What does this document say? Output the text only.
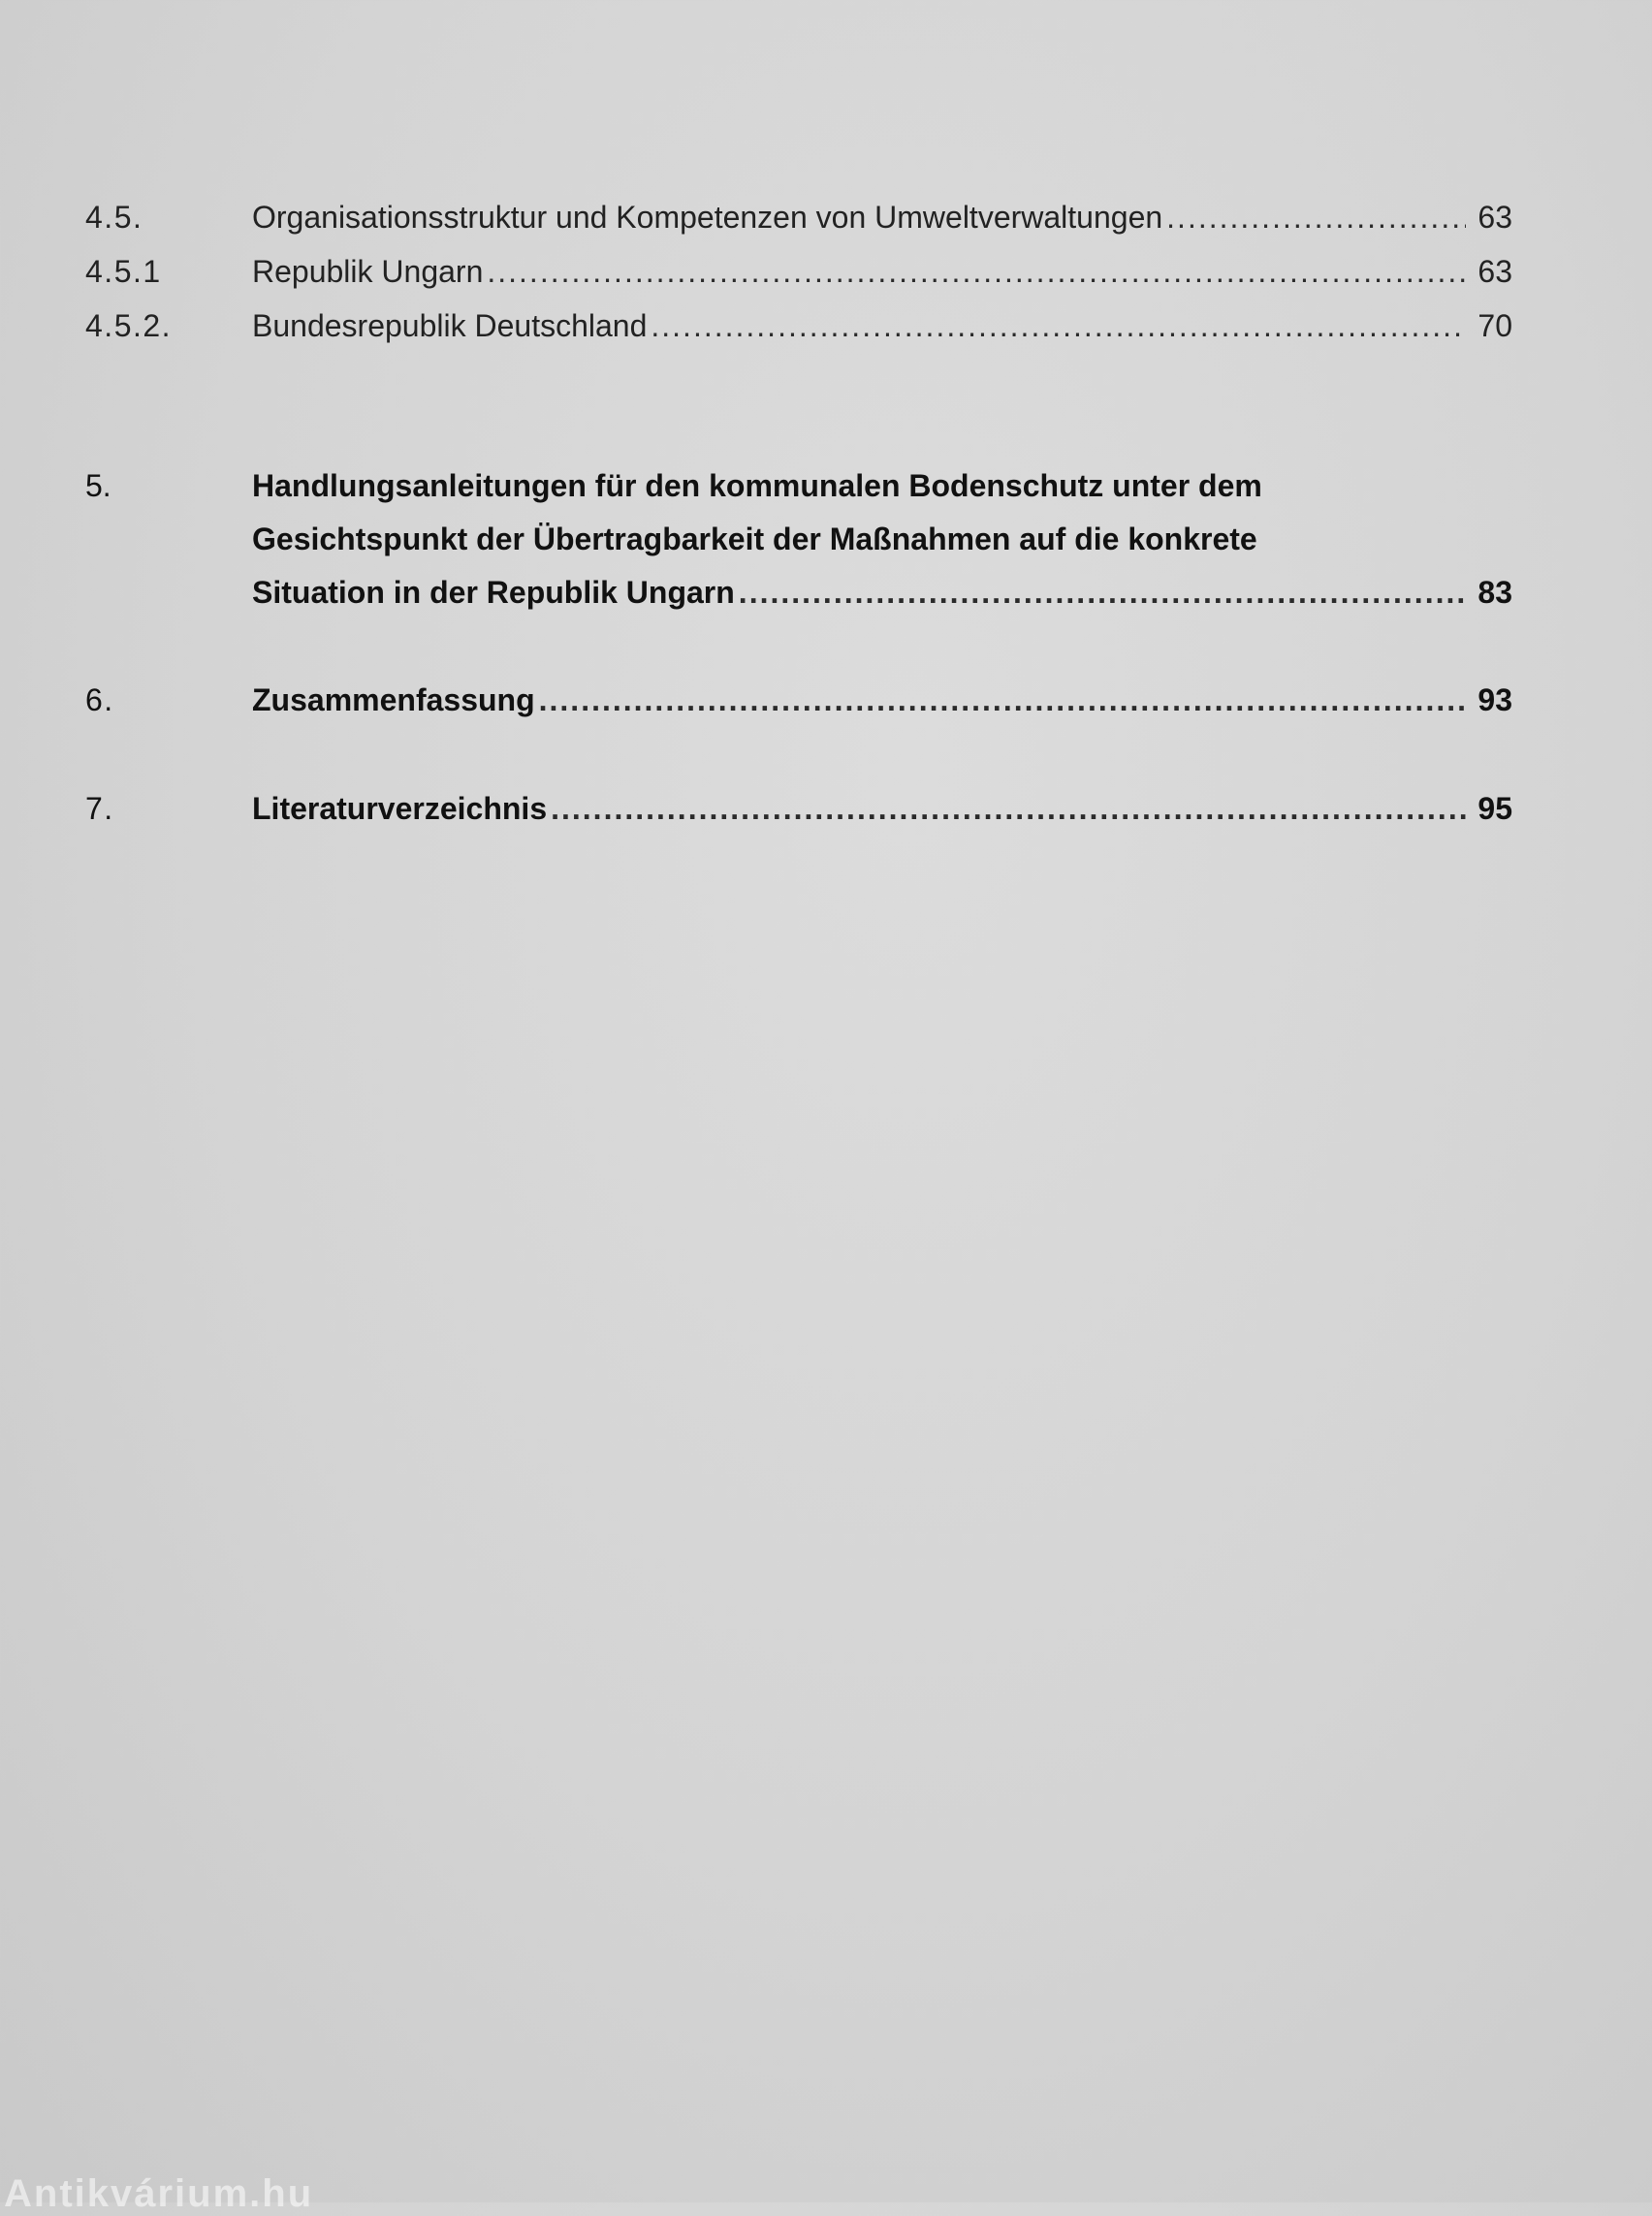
4.5.	Organisationsstruktur und Kompetenzen von Umweltverwaltungen .....	63
4.5.1	Republik Ungarn .....	63
4.5.2.	Bundesrepublik Deutschland .....	70
5.	Handlungsanleitungen für den kommunalen Bodenschutz unter dem
Gesichtspunkt der Übertragbarkeit der Maßnahmen auf die konkrete
Situation in der Republik Ungarn .....	83
6.	Zusammenfassung .....	93
7.	Literaturverzeichnis .....	95
Antikvárium.hu
